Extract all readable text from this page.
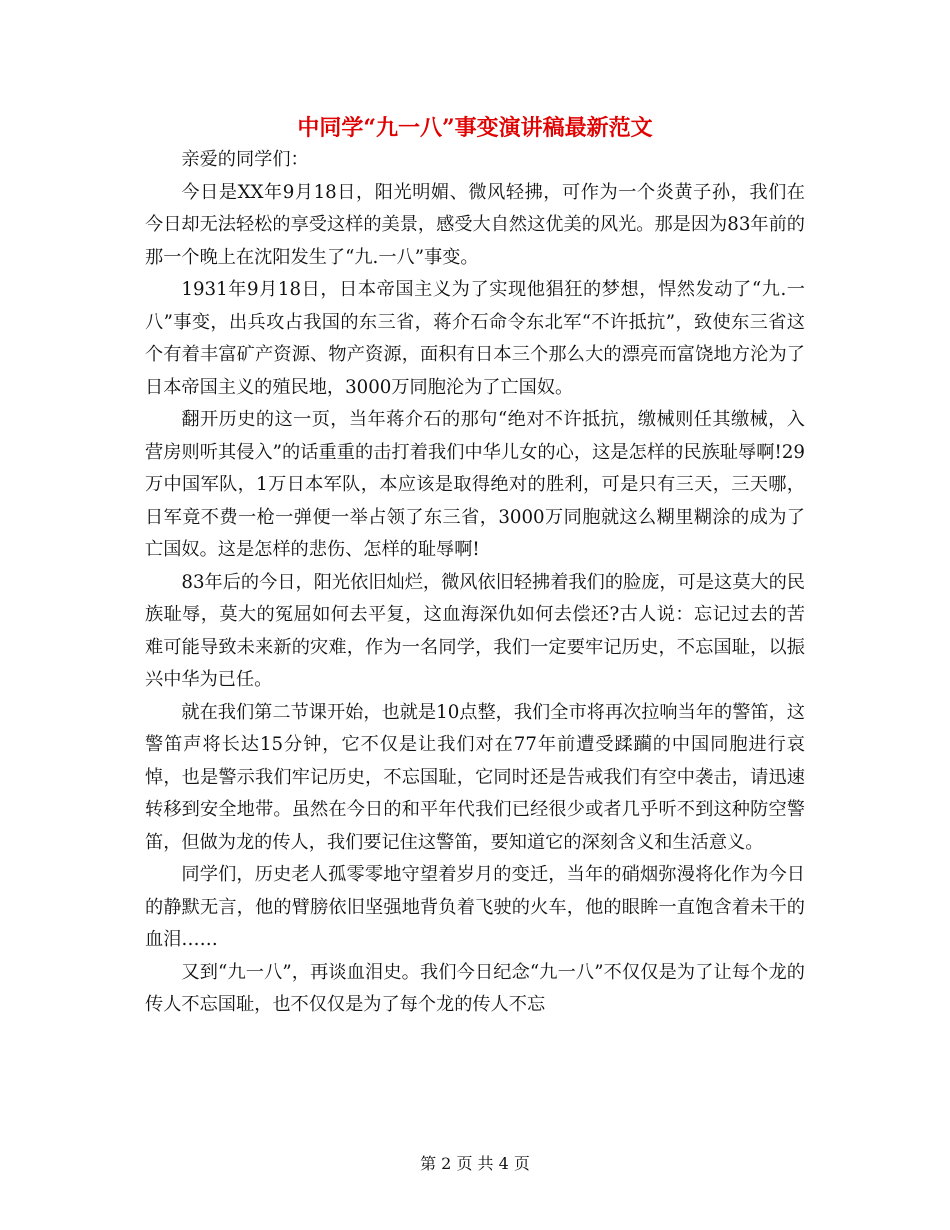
中同学“九一八”事变演讲稿最新范文

亲爱的同学们：

今日是XX年9月18日，阳光明媚、微风轻拂，可作为一个炎黄子孙，我们在今日却无法轻松的享受这样的美景，感受大自然这优美的风光。那是因为83年前的那一个晚上在沈阳发生了“九.一八”事变。

1931年9月18日，日本帝国主义为了实现他猖狂的梦想，悍然发动了“九.一八”事变，出兵攻占我国的东三省，蒋介石命令东北军“不许抵抗”，致使东三省这个有着丰富矿产资源、物产资源，面积有日本三个那么大的漂亮而富饶地方沦为了日本帝国主义的殖民地，3000万同胞沦为了亡国奴。

翻开历史的这一页，当年蒋介石的那句“绝对不许抵抗，缴械则任其缴械，入营房则听其侵入”的话重重的击打着我们中华儿女的心，这是怎样的民族耻辱啊!29万中国军队，1万日本军队，本应该是取得绝对的胜利，可是只有三天，三天哪，日军竟不费一枪一弹便一举占领了东三省，3000万同胞就这么糊里糊涂的成为了亡国奴。这是怎样的悲伤、怎样的耻辱啊!

83年后的今日，阳光依旧灿烂，微风依旧轻拂着我们的脸庞，可是这莫大的民族耻辱，莫大的冤屈如何去平复，这血海深仇如何去偿还?古人说：忘记过去的苦难可能导致未来新的灾难，作为一名同学，我们一定要牢记历史，不忘国耻，以振兴中华为已任。

就在我们第二节课开始，也就是10点整，我们全市将再次拉响当年的警笛，这警笛声将长达15分钟，它不仅是让我们对在77年前遭受蹂躏的中国同胞进行哀悼，也是警示我们牢记历史，不忘国耻，它同时还是告戒我们有空中袭击，请迅速转移到安全地带。虽然在今日的和平年代我们已经很少或者几乎听不到这种防空警笛，但做为龙的传人，我们要记住这警笛，要知道它的深刻含义和生活意义。

同学们，历史老人孤零零地守望着岁月的变迁，当年的硝烟弥漫将化作为今日的静默无言，他的臂膀依旧坚强地背负着飞驶的火车，他的眼眸一直饱含着未干的血泪……

又到“九一八”，再谈血泪史。我们今日纪念“九一八”不仅仅是为了让每个龙的传人不忘国耻，也不仅仅是为了每个龙的传人不忘

第 2 页 共 4 页
